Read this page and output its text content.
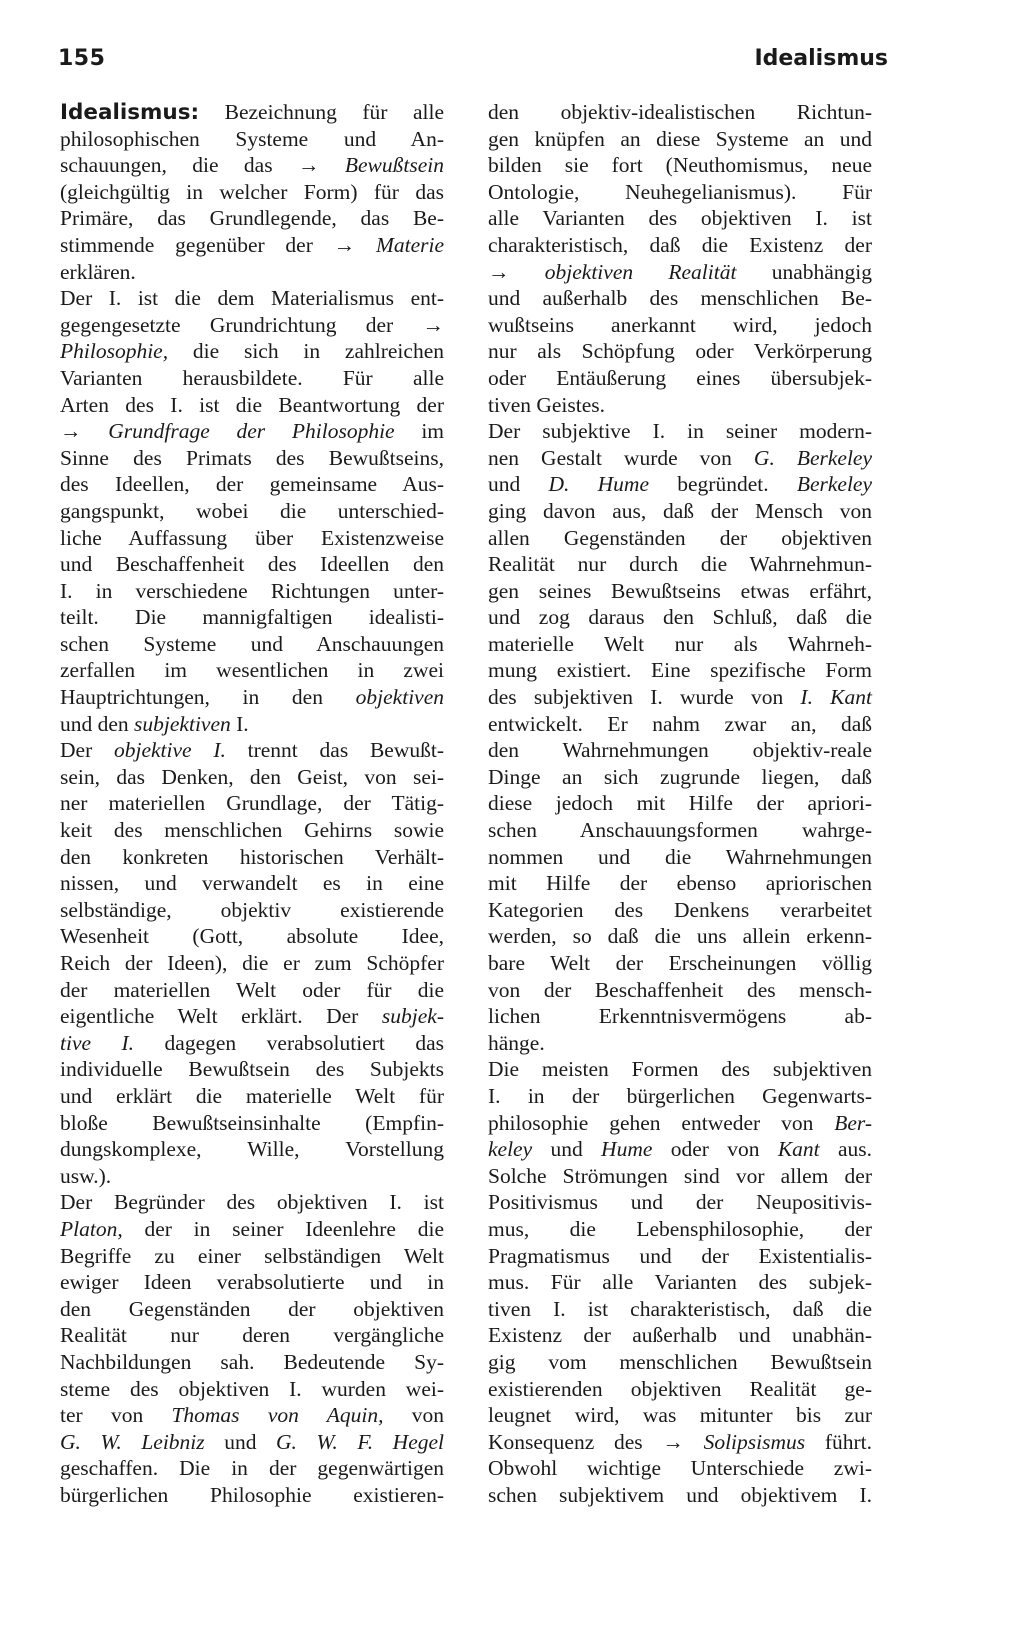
155	Idealismus
Idealismus: Bezeichnung für alle
philosophischen Systeme und An-
schauungen, die das → Bewußtsein
(gleichgültig in welcher Form) für das
Primäre, das Grundlegende, das Be-
stimmende gegenüber der → Materie
erklären.
Der I. ist die dem Materialismus ent-
gegengesetzte Grundrichtung der →
Philosophie, die sich in zahlreichen
Varianten herausbildete. Für alle
Arten des I. ist die Beantwortung der
→ Grundfrage der Philosophie im
Sinne des Primats des Bewußtseins,
des Ideellen, der gemeinsame Aus-
gangspunkt, wobei die unterschied-
liche Auffassung über Existenzweise
und Beschaffenheit des Ideellen den
I. in verschiedene Richtungen unter-
teilt. Die mannigfaltigen idealisti-
schen Systeme und Anschauungen
zerfallen im wesentlichen in zwei
Hauptrichtungen, in den objektiven
und den subjektiven I.
Der objektive I. trennt das Bewußt-
sein, das Denken, den Geist, von sei-
ner materiellen Grundlage, der Tätig-
keit des menschlichen Gehirns sowie
den konkreten historischen Verhält-
nissen, und verwandelt es in eine
selbständige, objektiv existierende
Wesenheit (Gott, absolute Idee,
Reich der Ideen), die er zum Schöpfer
der materiellen Welt oder für die
eigentliche Welt erklärt. Der subjek-
tive I. dagegen verabsolutiert das
individuelle Bewußtsein des Subjekts
und erklärt die materielle Welt für
bloße Bewußtseinsinhalte (Empfin-
dungskomplexe, Wille, Vorstellung
usw.).
Der Begründer des objektiven I. ist
Platon, der in seiner Ideenlehre die
Begriffe zu einer selbständigen Welt
ewiger Ideen verabsolutierte und in
den Gegenständen der objektiven
Realität nur deren vergängliche
Nachbildungen sah. Bedeutende Sy-
steme des objektiven I. wurden wei-
ter von Thomas von Aquin, von
G. W. Leibniz und G. W. F. Hegel
geschaffen. Die in der gegenwärtigen
bürgerlichen Philosophie existieren-
den objektiv-idealistischen Richtun-
gen knüpfen an diese Systeme an und
bilden sie fort (Neuthomismus, neue
Ontologie, Neuhegelianismus). Für
alle Varianten des objektiven I. ist
charakteristisch, daß die Existenz der
→ objektiven Realität unabhängig
und außerhalb des menschlichen Be-
wußtseins anerkannt wird, jedoch
nur als Schöpfung oder Verkörperung
oder Entäußerung eines übersubjek-
tiven Geistes.
Der subjektive I. in seiner modern-
nen Gestalt wurde von G. Berkeley
und D. Hume begründet. Berkeley
ging davon aus, daß der Mensch von
allen Gegenständen der objektiven
Realität nur durch die Wahrnehmun-
gen seines Bewußtseins etwas erfährt,
und zog daraus den Schluß, daß die
materielle Welt nur als Wahrneh-
mung existiert. Eine spezifische Form
des subjektiven I. wurde von I. Kant
entwickelt. Er nahm zwar an, daß
den Wahrnehmungen objektiv-reale
Dinge an sich zugrunde liegen, daß
diese jedoch mit Hilfe der apriori-
schen Anschauungsformen wahrge-
nommen und die Wahrnehmungen
mit Hilfe der ebenso apriorischen
Kategorien des Denkens verarbeitet
werden, so daß die uns allein erkenn-
bare Welt der Erscheinungen völlig
von der Beschaffenheit des mensch-
lichen Erkenntnisvermögens ab-
hänge.
Die meisten Formen des subjektiven
I. in der bürgerlichen Gegenwarts-
philosophie gehen entweder von Ber-
keley und Hume oder von Kant aus.
Solche Strömungen sind vor allem der
Positivismus und der Neupositivis-
mus, die Lebensphilosophie, der
Pragmatismus und der Existentialis-
mus. Für alle Varianten des subjek-
tiven I. ist charakteristisch, daß die
Existenz der außerhalb und unabhän-
gig vom menschlichen Bewußtsein
existierenden objektiven Realität ge-
leugnet wird, was mitunter bis zur
Konsequenz des → Solipsismus führt.
Obwohl wichtige Unterschiede zwi-
schen subjektivem und objektivem I.
